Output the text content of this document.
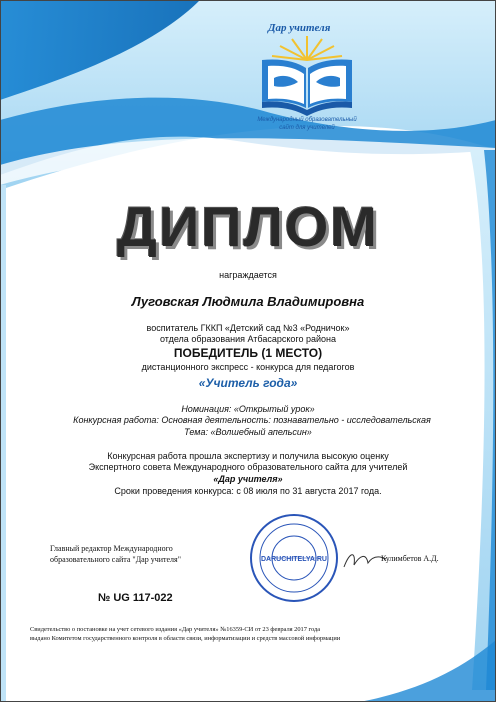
Дар учителя
Международный образовательный сайт для учителей
ДИПЛОМ
награждается
Луговская Людмила Владимировна
воспитатель ГККП «Детский сад №3 «Родничок»
отдела образования Атбасарского района
ПОБЕДИТЕЛЬ (1 МЕСТО)
дистанционного экспресс - конкурса для педагогов
«Учитель года»
Номинация: «Открытый урок»
Конкурсная работа: Основная деятельность: познавательно - исследовательская
Тема: «Волшебный апельсин»
Конкурсная работа прошла экспертизу и получила высокую оценку
Экспертного совета Международного образовательного сайта для учителей
«Дар учителя»
Сроки проведения конкурса: с 08 июля по 31 августа 2017 года.
Главный редактор Международного
образовательного сайта "Дар учителя"	DARUCHITELYA.RU	Кулимбетов А.Д.
№ UG 117-022
Свидетельство о постановке на учет сетевого издания «Дар учителя» №16359-СИ от 23 февраля 2017 года
выдано Комитетом государственного контроля в области связи, информатизации и средств массовой информации
